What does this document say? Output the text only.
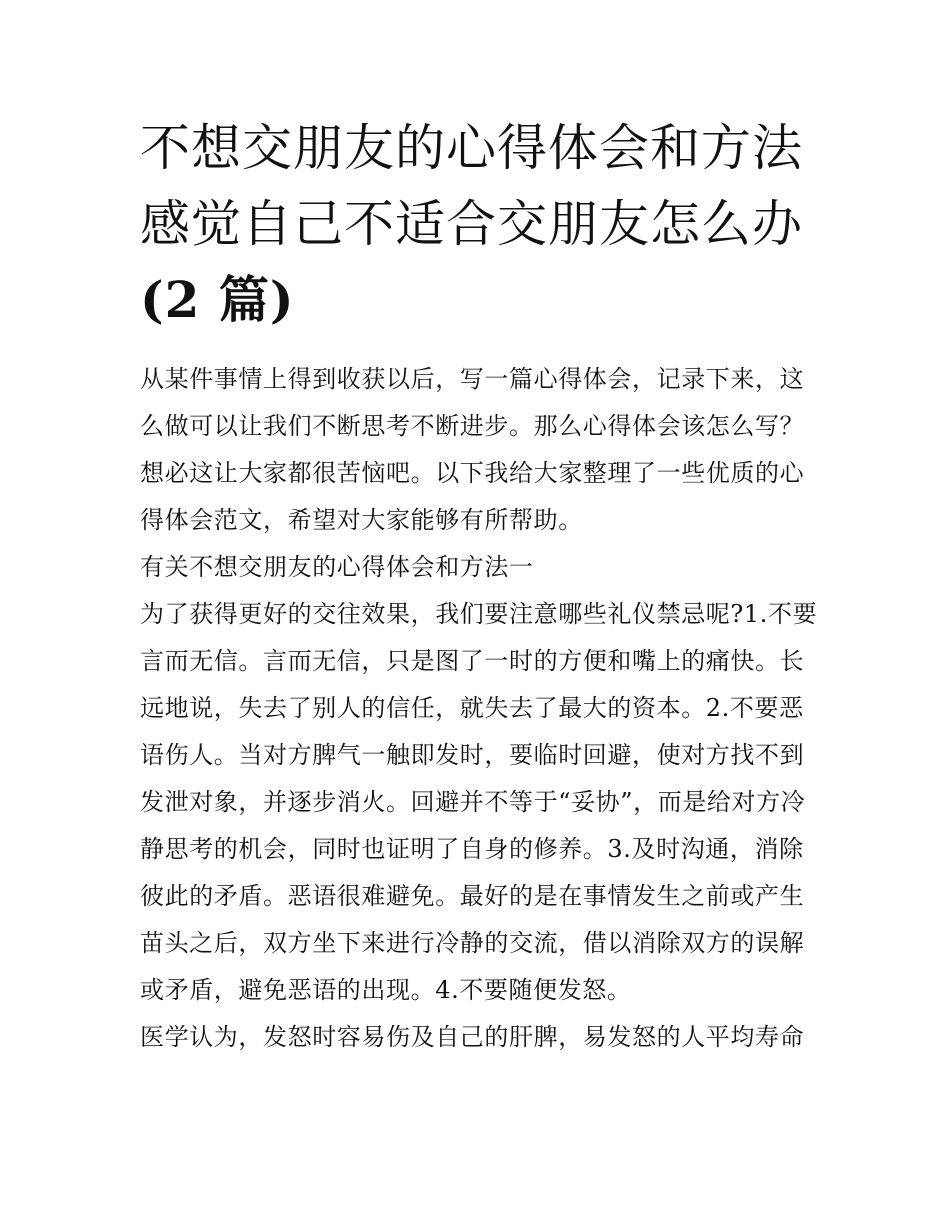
不想交朋友的心得体会和方法
感觉自己不适合交朋友怎么办
(2 篇)
从某件事情上得到收获以后，写一篇心得体会，记录下来，这
么做可以让我们不断思考不断进步。那么心得体会该怎么写？
想必这让大家都很苦恼吧。以下我给大家整理了一些优质的心
得体会范文，希望对大家能够有所帮助。
有关不想交朋友的心得体会和方法一
为了获得更好的交往效果，我们要注意哪些礼仪禁忌呢?1.不要
言而无信。言而无信，只是图了一时的方便和嘴上的痛快。长
远地说，失去了别人的信任，就失去了最大的资本。2.不要恶
语伤人。当对方脾气一触即发时，要临时回避，使对方找不到
发泄对象，并逐步消火。回避并不等于“妥协”，而是给对方冷
静思考的机会，同时也证明了自身的修养。3.及时沟通，消除
彼此的矛盾。恶语很难避免。最好的是在事情发生之前或产生
苗头之后，双方坐下来进行冷静的交流，借以消除双方的误解
或矛盾，避免恶语的出现。4.不要随便发怒。
医学认为，发怒时容易伤及自己的肝脾，易发怒的人平均寿命
